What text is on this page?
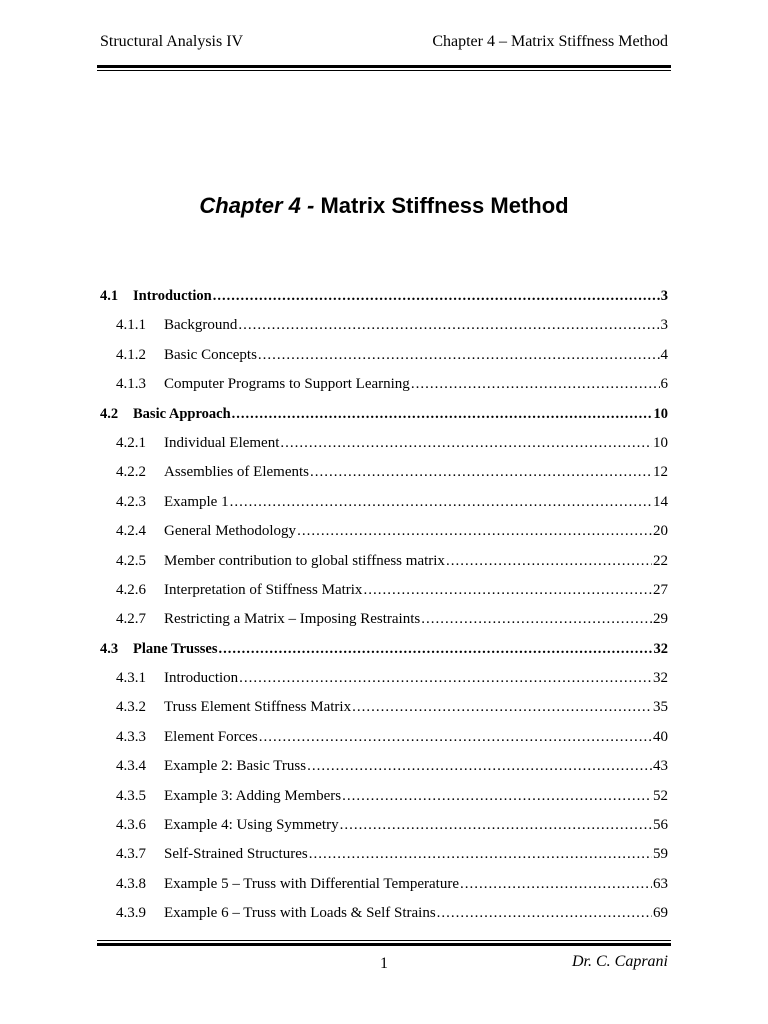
Structural Analysis IV	Chapter 4 – Matrix Stiffness Method
Chapter 4 - Matrix Stiffness Method
4.1	Introduction .....	3
4.1.1	Background .....	3
4.1.2	Basic Concepts .....	4
4.1.3	Computer Programs to Support Learning .....	6
4.2	Basic Approach .....	10
4.2.1	Individual Element .....	10
4.2.2	Assemblies of Elements .....	12
4.2.3	Example 1 .....	14
4.2.4	General Methodology .....	20
4.2.5	Member contribution to global stiffness matrix .....	22
4.2.6	Interpretation of Stiffness Matrix .....	27
4.2.7	Restricting a Matrix – Imposing Restraints .....	29
4.3	Plane Trusses .....	32
4.3.1	Introduction .....	32
4.3.2	Truss Element Stiffness Matrix .....	35
4.3.3	Element Forces .....	40
4.3.4	Example 2: Basic Truss .....	43
4.3.5	Example 3: Adding Members .....	52
4.3.6	Example 4: Using Symmetry .....	56
4.3.7	Self-Strained Structures .....	59
4.3.8	Example 5 – Truss with Differential Temperature .....	63
4.3.9	Example 6 – Truss with Loads & Self Strains .....	69
1	Dr. C. Caprani
